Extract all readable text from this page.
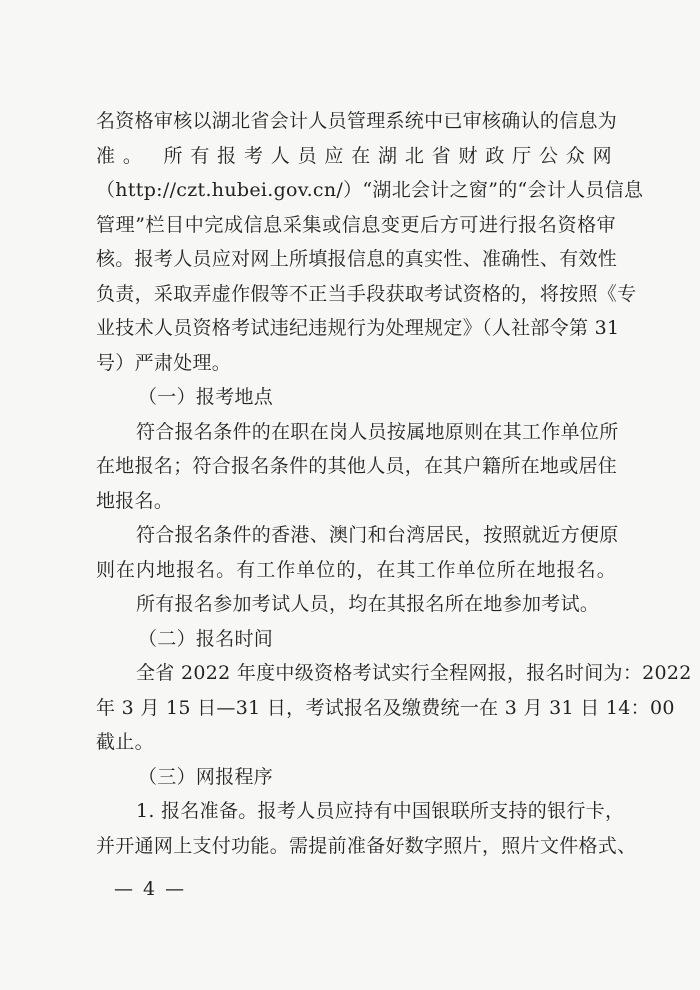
名资格审核以湖北省会计人员管理系统中已审核确认的信息为
准。 所有报考人员应在湖北省财政厅公众网
（http://czt.hubei.gov.cn/）“湖北会计之窗”的“会计人员信息
管理”栏目中完成信息采集或信息变更后方可进行报名资格审
核。报考人员应对网上所填报信息的真实性、准确性、有效性
负责，采取弄虚作假等不正当手段获取考试资格的，将按照《专
业技术人员资格考试违纪违规行为处理规定》（人社部令第 31
号）严肃处理。
（一）报考地点
符合报名条件的在职在岗人员按属地原则在其工作单位所
在地报名；符合报名条件的其他人员，在其户籍所在地或居住
地报名。
符合报名条件的香港、澳门和台湾居民，按照就近方便原
则在内地报名。有工作单位的，在其工作单位所在地报名。
所有报名参加考试人员，均在其报名所在地参加考试。
（二）报名时间
全省 2022 年度中级资格考试实行全程网报，报名时间为：2022
年 3 月 15 日—31 日，考试报名及缴费统一在 3 月 31 日 14：00
截止。
（三）网报程序
1. 报名准备。报考人员应持有中国银联所支持的银行卡，
并开通网上支付功能。需提前准备好数字照片，照片文件格式、
— 4 —
